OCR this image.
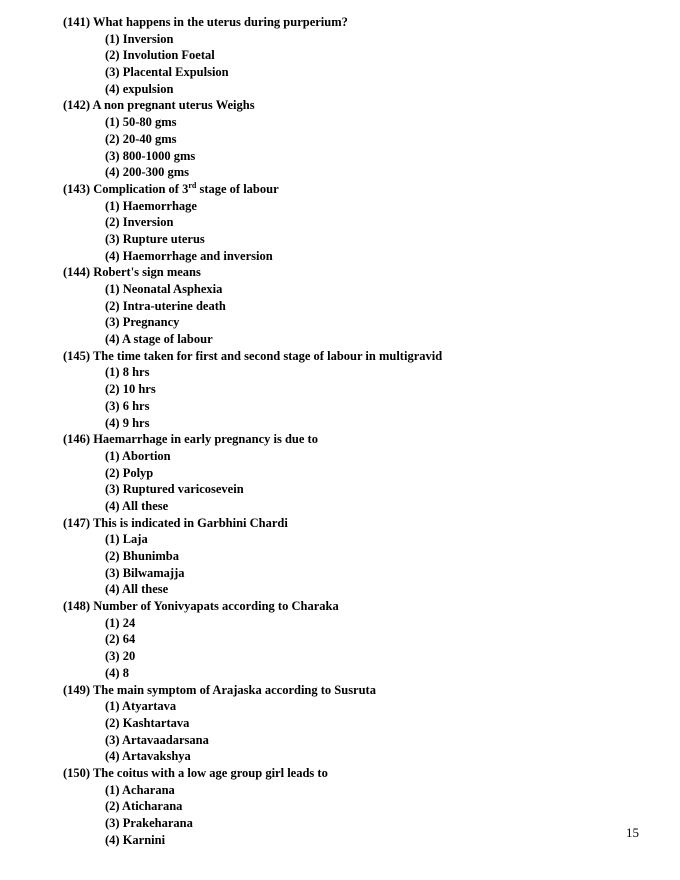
(141) What happens in the uterus during purperium?
(1) Inversion
(2) Involution Foetal
(3) Placental Expulsion
(4) expulsion
(142) A non pregnant uterus Weighs
(1) 50-80 gms
(2) 20-40 gms
(3) 800-1000 gms
(4) 200-300 gms
(143) Complication of 3rd stage of labour
(1) Haemorrhage
(2) Inversion
(3) Rupture uterus
(4) Haemorrhage and inversion
(144) Robert's sign means
(1) Neonatal Asphexia
(2) Intra-uterine death
(3) Pregnancy
(4) A stage of labour
(145) The time taken for first and second stage of labour in multigravid
(1) 8 hrs
(2) 10 hrs
(3) 6 hrs
(4) 9 hrs
(146) Haemarrhage in early pregnancy is due to
(1) Abortion
(2) Polyp
(3) Ruptured varicosevein
(4) All these
(147) This is indicated in Garbhini Chardi
(1) Laja
(2) Bhunimba
(3) Bilwamajja
(4) All these
(148) Number of Yonivyapats according to Charaka
(1) 24
(2) 64
(3) 20
(4) 8
(149) The main symptom of Arajaska according to Susruta
(1) Atyartava
(2) Kashtartava
(3) Artavaadarsana
(4) Artavakshya
(150) The coitus with a low age group girl leads to
(1) Acharana
(2) Aticharana
(3) Prakeharana
(4) Karnini	15
